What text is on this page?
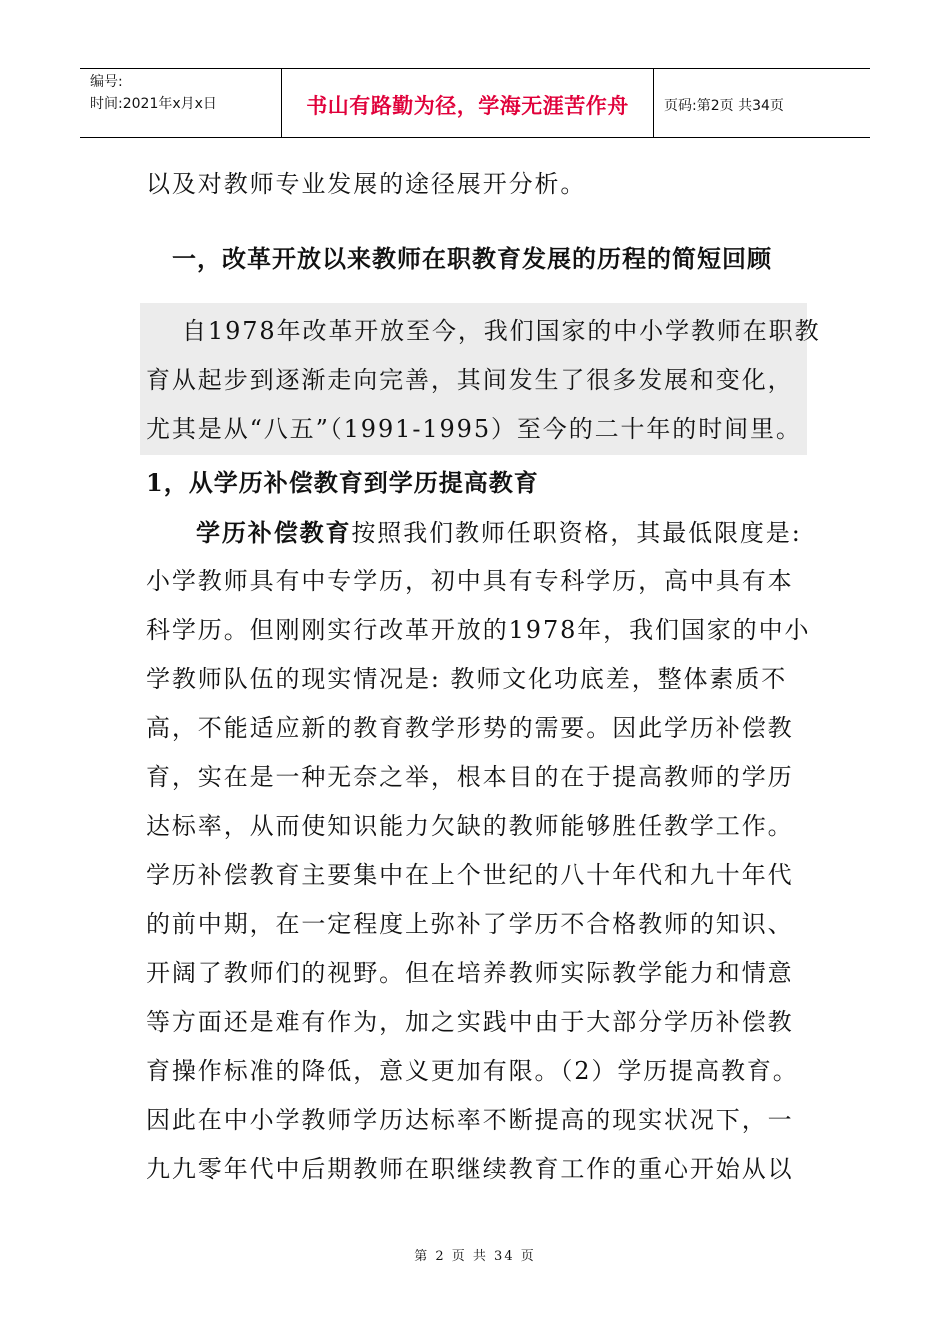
编号:
时间:2021年x月x日	书山有路勤为径，学海无涯苦作舟	页码:第2页 共34页
以及对教师专业发展的途径展开分析。
一，改革开放以来教师在职教育发展的历程的简短回顾
自1978年改革开放至今，我们国家的中小学教师在职教
育从起步到逐渐走向完善，其间发生了很多发展和变化，
尤其是从“八五”（1991-1995）至今的二十年的时间里。
1，从学历补偿教育到学历提高教育
学历补偿教育按照我们教师任职资格，其最低限度是:
小学教师具有中专学历，初中具有专科学历，高中具有本
科学历。但刚刚实行改革开放的1978年，我们国家的中小
学教师队伍的现实情况是: 教师文化功底差，整体素质不
高，不能适应新的教育教学形势的需要。因此学历补偿教
育，实在是一种无奈之举，根本目的在于提高教师的学历
达标率，从而使知识能力欠缺的教师能够胜任教学工作。
学历补偿教育主要集中在上个世纪的八十年代和九十年代
的前中期，在一定程度上弥补了学历不合格教师的知识、
开阔了教师们的视野。但在培养教师实际教学能力和情意
等方面还是难有作为，加之实践中由于大部分学历补偿教
育操作标准的降低，意义更加有限。（2）学历提高教育。
因此在中小学教师学历达标率不断提高的现实状况下，一
九九零年代中后期教师在职继续教育工作的重心开始从以
第 2 页 共 34 页
